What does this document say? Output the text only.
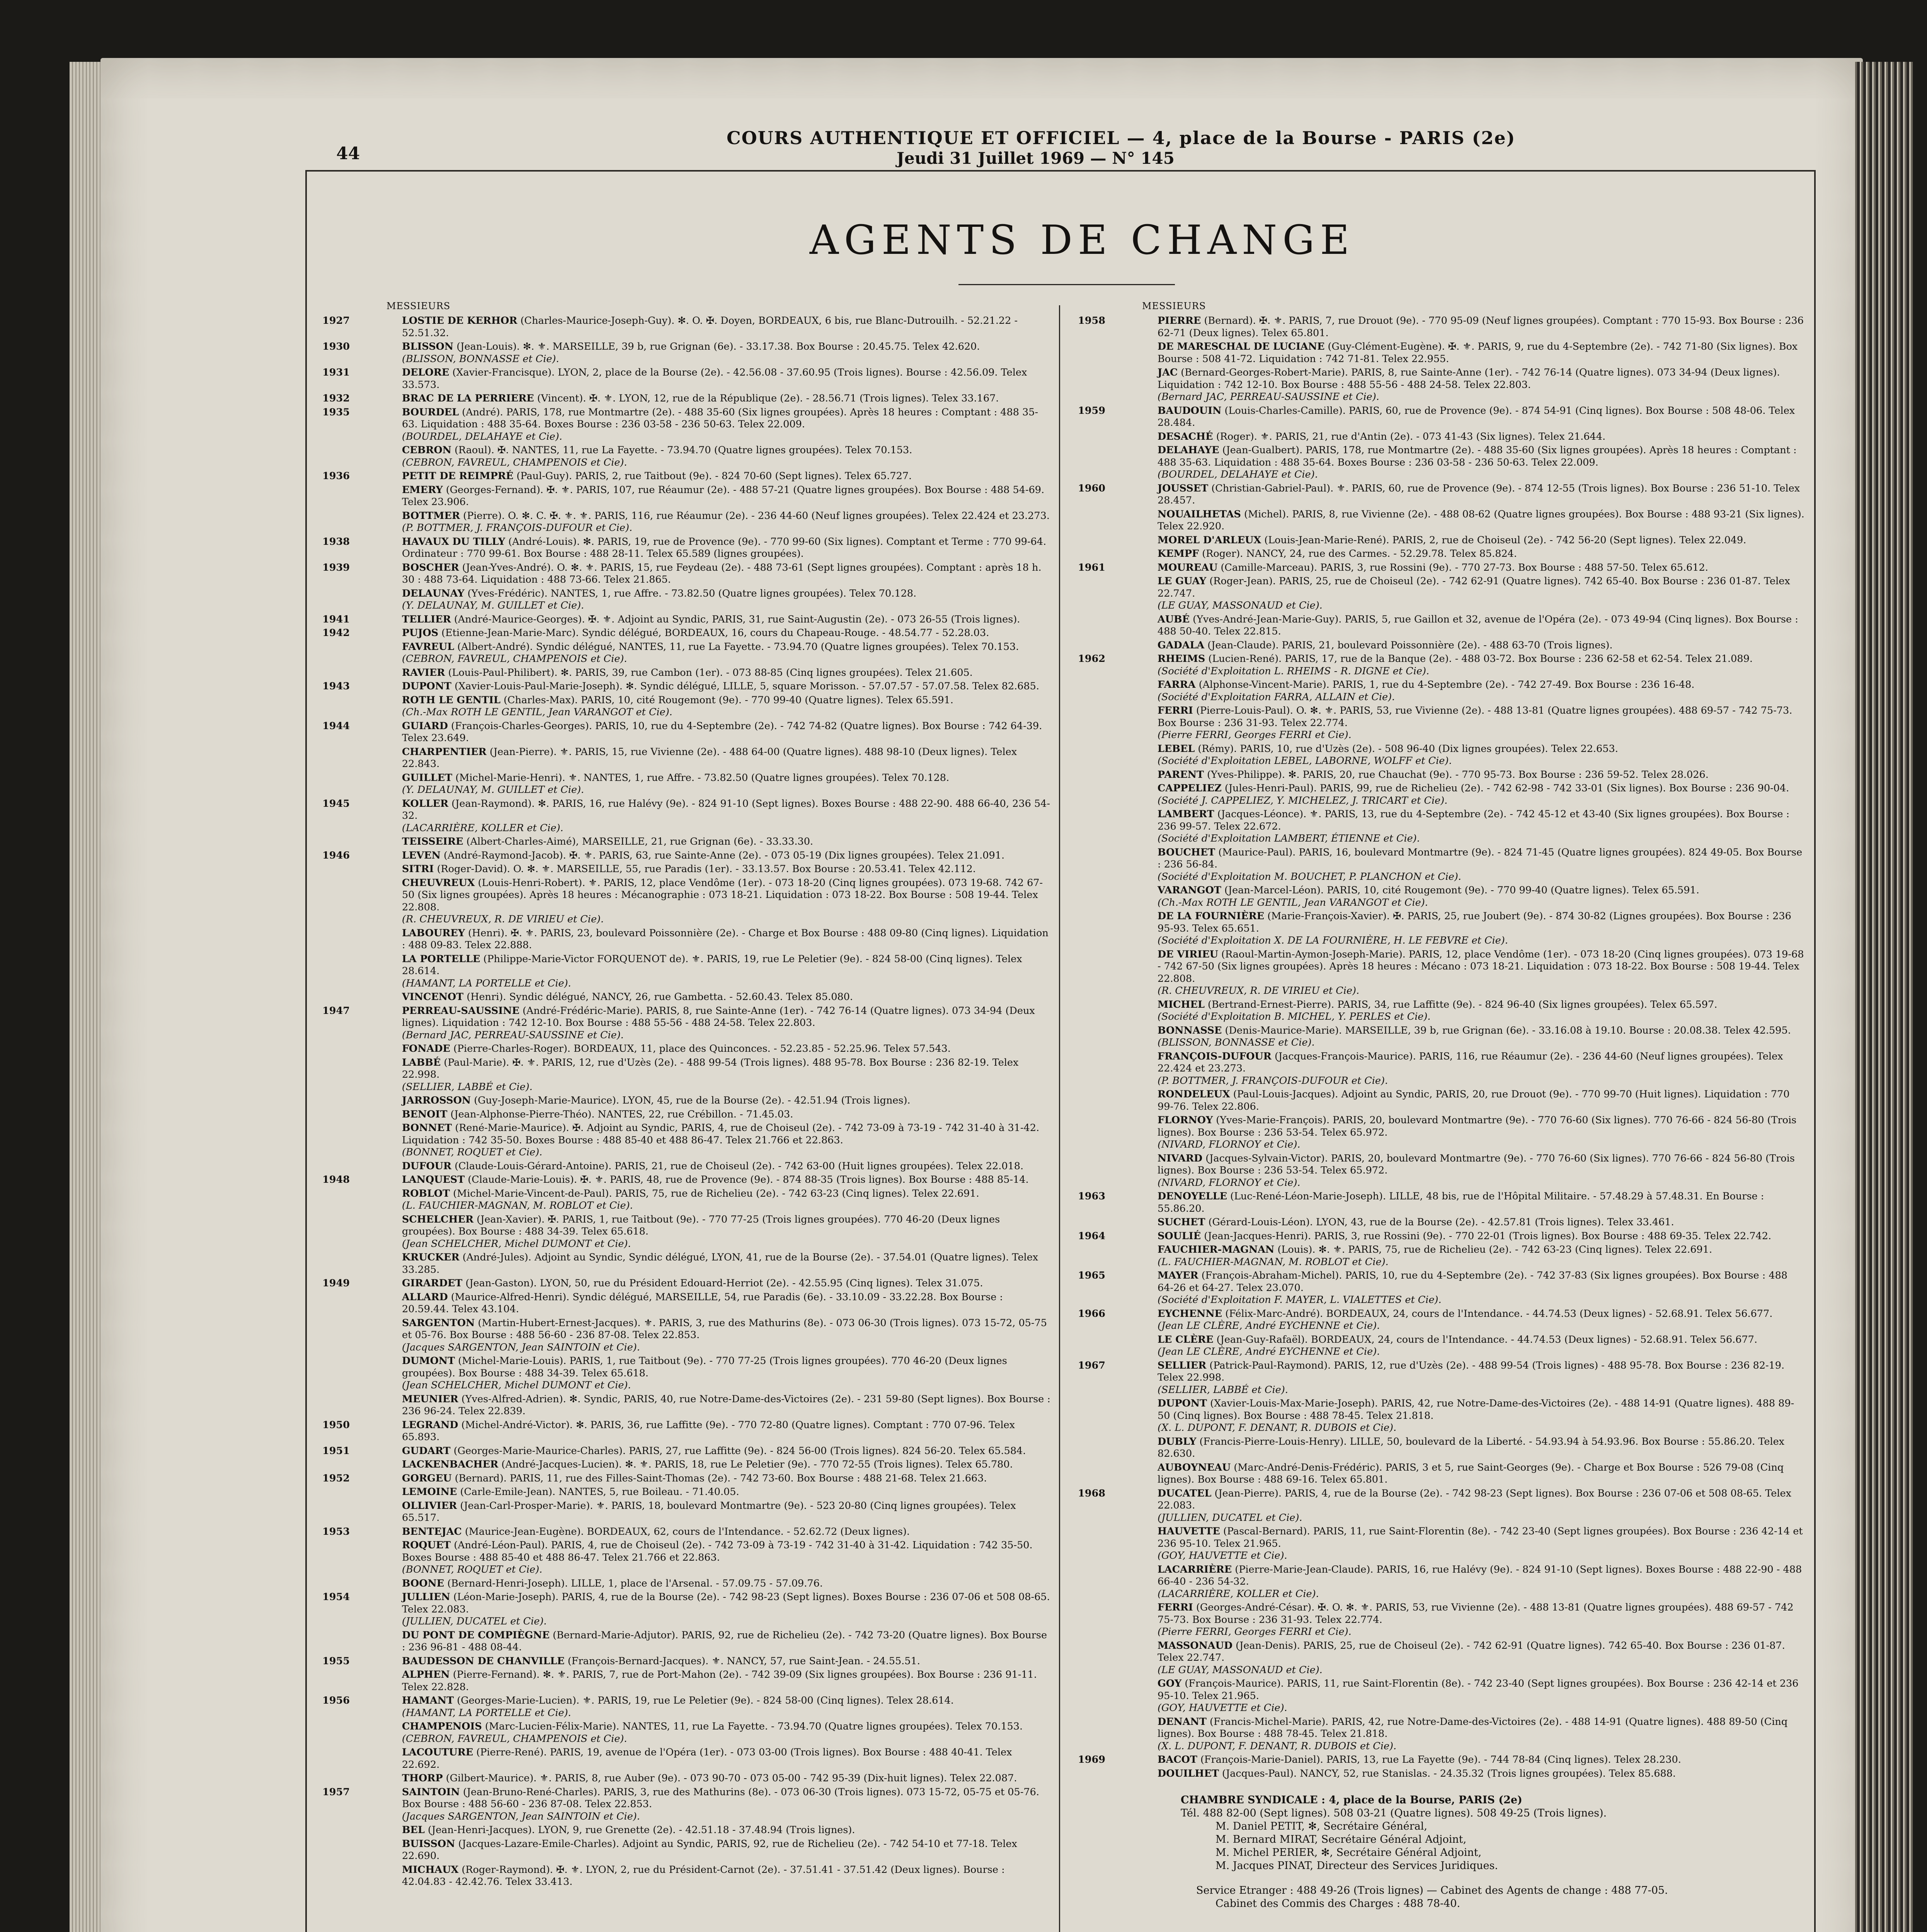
44
COURS AUTHENTIQUE ET OFFICIEL — 4, place de la Bourse - PARIS (2e)
Jeudi 31 Juillet 1969 — N° 145
AGENTS DE CHANGE
MESSIEURS
1927	LOSTIE DE KERHOR (Charles-Maurice-Joseph-Guy). ✻. O. ✠. Doyen, BORDEAUX, 6 bis, rue Blanc-Dutrouilh. - 52.21.22 - 52.51.32.
1930	BLISSON (Jean-Louis). ✻. ⚜. MARSEILLE, 39 b, rue Grignan (6e). - 33.17.38. Box Bourse : 20.45.75. Telex 42.620.
(BLISSON, BONNASSE et Cie).
1931	DELORE (Xavier-Francisque). LYON, 2, place de la Bourse (2e). - 42.56.08 - 37.60.95 (Trois lignes). Bourse : 42.56.09. Telex 33.573.
1932	BRAC DE LA PERRIERE (Vincent). ✠. ⚜. LYON, 12, rue de la République (2e). - 28.56.71 (Trois lignes). Telex 33.167.
1935	BOURDEL (André). PARIS, 178, rue Montmartre (2e). - 488 35-60 (Six lignes groupées). Après 18 heures : Comptant : 488 35-63. Liquidation : 488 35-64. Boxes Bourse : 236 03-58 - 236 50-63. Telex 22.009.
(BOURDEL, DELAHAYE et Cie).
CEBRON (Raoul). ✠. NANTES, 11, rue La Fayette. - 73.94.70 (Quatre lignes groupées). Telex 70.153.
(CEBRON, FAVREUL, CHAMPENOIS et Cie).
1936	PETIT DE REIMPRÉ (Paul-Guy). PARIS, 2, rue Taitbout (9e). - 824 70-60 (Sept lignes). Telex 65.727.
EMERY (Georges-Fernand). ✠. ⚜. PARIS, 107, rue Réaumur (2e). - 488 57-21 (Quatre lignes groupées). Box Bourse : 488 54-69. Telex 23.906.
BOTTMER (Pierre). O. ✻. C. ✠. ⚜. ⚜. PARIS, 116, rue Réaumur (2e). - 236 44-60 (Neuf lignes groupées). Telex 22.424 et 23.273.
(P. BOTTMER, J. FRANÇOIS-DUFOUR et Cie).
1938	HAVAUX DU TILLY (André-Louis). ✻. PARIS, 19, rue de Provence (9e). - 770 99-60 (Six lignes). Comptant et Terme : 770 99-64. Ordinateur : 770 99-61. Box Bourse : 488 28-11. Telex 65.589 (lignes groupées).
1939	BOSCHER (Jean-Yves-André). O. ✻. ⚜. PARIS, 15, rue Feydeau (2e). - 488 73-61 (Sept lignes groupées). Comptant : après 18 h. 30 : 488 73-64. Liquidation : 488 73-66. Telex 21.865.
DELAUNAY (Yves-Frédéric). NANTES, 1, rue Affre. - 73.82.50 (Quatre lignes groupées). Telex 70.128.
(Y. DELAUNAY, M. GUILLET et Cie).
1941	TELLIER (André-Maurice-Georges). ✠. ⚜. Adjoint au Syndic, PARIS, 31, rue Saint-Augustin (2e). - 073 26-55 (Trois lignes).
1942	PUJOS (Etienne-Jean-Marie-Marc). Syndic délégué, BORDEAUX, 16, cours du Chapeau-Rouge. - 48.54.77 - 52.28.03.
FAVREUL (Albert-André). Syndic délégué, NANTES, 11, rue La Fayette. - 73.94.70 (Quatre lignes groupées). Telex 70.153.
(CEBRON, FAVREUL, CHAMPENOIS et Cie).
RAVIER (Louis-Paul-Philibert). ✻. PARIS, 39, rue Cambon (1er). - 073 88-85 (Cinq lignes groupées). Telex 21.605.
1943	DUPONT (Xavier-Louis-Paul-Marie-Joseph). ✻. Syndic délégué, LILLE, 5, square Morisson. - 57.07.57 - 57.07.58. Telex 82.685.
ROTH LE GENTIL (Charles-Max). PARIS, 10, cité Rougemont (9e). - 770 99-40 (Quatre lignes). Telex 65.591.
(Ch.-Max ROTH LE GENTIL, Jean VARANGOT et Cie).
1944	GUIARD (François-Charles-Georges). PARIS, 10, rue du 4-Septembre (2e). - 742 74-82 (Quatre lignes). Box Bourse : 742 64-39. Telex 23.649.
CHARPENTIER (Jean-Pierre). ⚜. PARIS, 15, rue Vivienne (2e). - 488 64-00 (Quatre lignes). 488 98-10 (Deux lignes). Telex 22.843.
GUILLET (Michel-Marie-Henri). ⚜. NANTES, 1, rue Affre. - 73.82.50 (Quatre lignes groupées). Telex 70.128.
(Y. DELAUNAY, M. GUILLET et Cie).
1945	KOLLER (Jean-Raymond). ✻. PARIS, 16, rue Halévy (9e). - 824 91-10 (Sept lignes). Boxes Bourse : 488 22-90. 488 66-40, 236 54-32.
(LACARRIÈRE, KOLLER et Cie).
TEISSEIRE (Albert-Charles-Aimé), MARSEILLE, 21, rue Grignan (6e). - 33.33.30.
1946	LEVEN (André-Raymond-Jacob). ✠. ⚜. PARIS, 63, rue Sainte-Anne (2e). - 073 05-19 (Dix lignes groupées). Telex 21.091.
SITRI (Roger-David). O. ✻. ⚜. MARSEILLE, 55, rue Paradis (1er). - 33.13.57. Box Bourse : 20.53.41. Telex 42.112.
CHEUVREUX (Louis-Henri-Robert). ⚜. PARIS, 12, place Vendôme (1er). - 073 18-20 (Cinq lignes groupées). 073 19-68. 742 67-50 (Six lignes groupées). Après 18 heures : Mécanographie : 073 18-21. Liquidation : 073 18-22. Box Bourse : 508 19-44. Telex 22.808.
(R. CHEUVREUX, R. DE VIRIEU et Cie).
LABOUREY (Henri). ✠. ⚜. PARIS, 23, boulevard Poissonnière (2e). - Charge et Box Bourse : 488 09-80 (Cinq lignes). Liquidation : 488 09-83. Telex 22.888.
LA PORTELLE (Philippe-Marie-Victor FORQUENOT de). ⚜. PARIS, 19, rue Le Peletier (9e). - 824 58-00 (Cinq lignes). Telex 28.614.
(HAMANT, LA PORTELLE et Cie).
VINCENOT (Henri). Syndic délégué, NANCY, 26, rue Gambetta. - 52.60.43. Telex 85.080.
1947	PERREAU-SAUSSINE (André-Frédéric-Marie). PARIS, 8, rue Sainte-Anne (1er). - 742 76-14 (Quatre lignes). 073 34-94 (Deux lignes). Liquidation : 742 12-10. Box Bourse : 488 55-56 - 488 24-58. Telex 22.803.
(Bernard JAC, PERREAU-SAUSSINE et Cie).
FONADE (Pierre-Charles-Roger). BORDEAUX, 11, place des Quinconces. - 52.23.85 - 52.25.96. Telex 57.543.
LABBÉ (Paul-Marie). ✠. ⚜. PARIS, 12, rue d'Uzès (2e). - 488 99-54 (Trois lignes). 488 95-78. Box Bourse : 236 82-19. Telex 22.998.
(SELLIER, LABBÉ et Cie).
JARROSSON (Guy-Joseph-Marie-Maurice). LYON, 45, rue de la Bourse (2e). - 42.51.94 (Trois lignes).
BENOIT (Jean-Alphonse-Pierre-Théo). NANTES, 22, rue Crébillon. - 71.45.03.
BONNET (René-Marie-Maurice). ✠. Adjoint au Syndic, PARIS, 4, rue de Choiseul (2e). - 742 73-09 à 73-19 - 742 31-40 à 31-42. Liquidation : 742 35-50. Boxes Bourse : 488 85-40 et 488 86-47. Telex 21.766 et 22.863.
(BONNET, ROQUET et Cie).
DUFOUR (Claude-Louis-Gérard-Antoine). PARIS, 21, rue de Choiseul (2e). - 742 63-00 (Huit lignes groupées). Telex 22.018.
1948	LANQUEST (Claude-Marie-Louis). ✠. ⚜. PARIS, 48, rue de Provence (9e). - 874 88-35 (Trois lignes). Box Bourse : 488 85-14.
ROBLOT (Michel-Marie-Vincent-de-Paul). PARIS, 75, rue de Richelieu (2e). - 742 63-23 (Cinq lignes). Telex 22.691.
(L. FAUCHIER-MAGNAN, M. ROBLOT et Cie).
SCHELCHER (Jean-Xavier). ✠. PARIS, 1, rue Taitbout (9e). - 770 77-25 (Trois lignes groupées). 770 46-20 (Deux lignes groupées). Box Bourse : 488 34-39. Telex 65.618.
(Jean SCHELCHER, Michel DUMONT et Cie).
KRUCKER (André-Jules). Adjoint au Syndic, Syndic délégué, LYON, 41, rue de la Bourse (2e). - 37.54.01 (Quatre lignes). Telex 33.285.
1949	GIRARDET (Jean-Gaston). LYON, 50, rue du Président Edouard-Herriot (2e). - 42.55.95 (Cinq lignes). Telex 31.075.
ALLARD (Maurice-Alfred-Henri). Syndic délégué, MARSEILLE, 54, rue Paradis (6e). - 33.10.09 - 33.22.28. Box Bourse : 20.59.44. Telex 43.104.
SARGENTON (Martin-Hubert-Ernest-Jacques). ⚜. PARIS, 3, rue des Mathurins (8e). - 073 06-30 (Trois lignes). 073 15-72, 05-75 et 05-76. Box Bourse : 488 56-60 - 236 87-08. Telex 22.853.
(Jacques SARGENTON, Jean SAINTOIN et Cie).
DUMONT (Michel-Marie-Louis). PARIS, 1, rue Taitbout (9e). - 770 77-25 (Trois lignes groupées). 770 46-20 (Deux lignes groupées). Box Bourse : 488 34-39. Telex 65.618.
(Jean SCHELCHER, Michel DUMONT et Cie).
MEUNIER (Yves-Alfred-Adrien). ✻. Syndic, PARIS, 40, rue Notre-Dame-des-Victoires (2e). - 231 59-80 (Sept lignes). Box Bourse : 236 96-24. Telex 22.839.
1950	LEGRAND (Michel-André-Victor). ✻. PARIS, 36, rue Laffitte (9e). - 770 72-80 (Quatre lignes). Comptant : 770 07-96. Telex 65.893.
1951	GUDART (Georges-Marie-Maurice-Charles). PARIS, 27, rue Laffitte (9e). - 824 56-00 (Trois lignes). 824 56-20. Telex 65.584.
LACKENBACHER (André-Jacques-Lucien). ✻. ⚜. PARIS, 18, rue Le Peletier (9e). - 770 72-55 (Trois lignes). Telex 65.780.
1952	GORGEU (Bernard). PARIS, 11, rue des Filles-Saint-Thomas (2e). - 742 73-60. Box Bourse : 488 21-68. Telex 21.663.
LEMOINE (Carle-Emile-Jean). NANTES, 5, rue Boileau. - 71.40.05.
OLLIVIER (Jean-Carl-Prosper-Marie). ⚜. PARIS, 18, boulevard Montmartre (9e). - 523 20-80 (Cinq lignes groupées). Telex 65.517.
1953	BENTEJAC (Maurice-Jean-Eugène). BORDEAUX, 62, cours de l'Intendance. - 52.62.72 (Deux lignes).
ROQUET (André-Léon-Paul). PARIS, 4, rue de Choiseul (2e). - 742 73-09 à 73-19 - 742 31-40 à 31-42. Liquidation : 742 35-50. Boxes Bourse : 488 85-40 et 488 86-47. Telex 21.766 et 22.863.
(BONNET, ROQUET et Cie).
BOONE (Bernard-Henri-Joseph). LILLE, 1, place de l'Arsenal. - 57.09.75 - 57.09.76.
1954	JULLIEN (Léon-Marie-Joseph). PARIS, 4, rue de la Bourse (2e). - 742 98-23 (Sept lignes). Boxes Bourse : 236 07-06 et 508 08-65. Telex 22.083.
(JULLIEN, DUCATEL et Cie).
DU PONT DE COMPIÈGNE (Bernard-Marie-Adjutor). PARIS, 92, rue de Richelieu (2e). - 742 73-20 (Quatre lignes). Box Bourse : 236 96-81 - 488 08-44.
1955	BAUDESSON DE CHANVILLE (François-Bernard-Jacques). ⚜. NANCY, 57, rue Saint-Jean. - 24.55.51.
ALPHEN (Pierre-Fernand). ✻. ⚜. PARIS, 7, rue de Port-Mahon (2e). - 742 39-09 (Six lignes groupées). Box Bourse : 236 91-11. Telex 22.828.
1956	HAMANT (Georges-Marie-Lucien). ⚜. PARIS, 19, rue Le Peletier (9e). - 824 58-00 (Cinq lignes). Telex 28.614.
(HAMANT, LA PORTELLE et Cie).
CHAMPENOIS (Marc-Lucien-Félix-Marie). NANTES, 11, rue La Fayette. - 73.94.70 (Quatre lignes groupées). Telex 70.153.
(CEBRON, FAVREUL, CHAMPENOIS et Cie).
LACOUTURE (Pierre-René). PARIS, 19, avenue de l'Opéra (1er). - 073 03-00 (Trois lignes). Box Bourse : 488 40-41. Telex 22.692.
THORP (Gilbert-Maurice). ⚜. PARIS, 8, rue Auber (9e). - 073 90-70 - 073 05-00 - 742 95-39 (Dix-huit lignes). Telex 22.087.
1957	SAINTOIN (Jean-Bruno-René-Charles). PARIS, 3, rue des Mathurins (8e). - 073 06-30 (Trois lignes). 073 15-72, 05-75 et 05-76. Box Bourse : 488 56-60 - 236 87-08. Telex 22.853.
(Jacques SARGENTON, Jean SAINTOIN et Cie).
BEL (Jean-Henri-Jacques). LYON, 9, rue Grenette (2e). - 42.51.18 - 37.48.94 (Trois lignes).
BUISSON (Jacques-Lazare-Emile-Charles). Adjoint au Syndic, PARIS, 92, rue de Richelieu (2e). - 742 54-10 et 77-18. Telex 22.690.
MICHAUX (Roger-Raymond). ✠. ⚜. LYON, 2, rue du Président-Carnot (2e). - 37.51.41 - 37.51.42 (Deux lignes). Bourse : 42.04.83 - 42.42.76. Telex 33.413.
MESSIEURS
1958	PIERRE (Bernard). ✠. ⚜. PARIS, 7, rue Drouot (9e). - 770 95-09 (Neuf lignes groupées). Comptant : 770 15-93. Box Bourse : 236 62-71 (Deux lignes). Telex 65.801.
DE MARESCHAL DE LUCIANE (Guy-Clément-Eugène). ✠. ⚜. PARIS, 9, rue du 4-Septembre (2e). - 742 71-80 (Six lignes). Box Bourse : 508 41-72. Liquidation : 742 71-81. Telex 22.955.
JAC (Bernard-Georges-Robert-Marie). PARIS, 8, rue Sainte-Anne (1er). - 742 76-14 (Quatre lignes). 073 34-94 (Deux lignes). Liquidation : 742 12-10. Box Bourse : 488 55-56 - 488 24-58. Telex 22.803.
(Bernard JAC, PERREAU-SAUSSINE et Cie).
1959	BAUDOUIN (Louis-Charles-Camille). PARIS, 60, rue de Provence (9e). - 874 54-91 (Cinq lignes). Box Bourse : 508 48-06. Telex 28.484.
DESACHÉ (Roger). ⚜. PARIS, 21, rue d'Antin (2e). - 073 41-43 (Six lignes). Telex 21.644.
DELAHAYE (Jean-Gualbert). PARIS, 178, rue Montmartre (2e). - 488 35-60 (Six lignes groupées). Après 18 heures : Comptant : 488 35-63. Liquidation : 488 35-64. Boxes Bourse : 236 03-58 - 236 50-63. Telex 22.009.
(BOURDEL, DELAHAYE et Cie).
1960	JOUSSET (Christian-Gabriel-Paul). ⚜. PARIS, 60, rue de Provence (9e). - 874 12-55 (Trois lignes). Box Bourse : 236 51-10. Telex 28.457.
NOUAILHETAS (Michel). PARIS, 8, rue Vivienne (2e). - 488 08-62 (Quatre lignes groupées). Box Bourse : 488 93-21 (Six lignes). Telex 22.920.
MOREL D'ARLEUX (Louis-Jean-Marie-René). PARIS, 2, rue de Choiseul (2e). - 742 56-20 (Sept lignes). Telex 22.049.
KEMPF (Roger). NANCY, 24, rue des Carmes. - 52.29.78. Telex 85.824.
1961	MOUREAU (Camille-Marceau). PARIS, 3, rue Rossini (9e). - 770 27-73. Box Bourse : 488 57-50. Telex 65.612.
LE GUAY (Roger-Jean). PARIS, 25, rue de Choiseul (2e). - 742 62-91 (Quatre lignes). 742 65-40. Box Bourse : 236 01-87. Telex 22.747.
(LE GUAY, MASSONAUD et Cie).
AUBÉ (Yves-André-Jean-Marie-Guy). PARIS, 5, rue Gaillon et 32, avenue de l'Opéra (2e). - 073 49-94 (Cinq lignes). Box Bourse : 488 50-40. Telex 22.815.
GADALA (Jean-Claude). PARIS, 21, boulevard Poissonnière (2e). - 488 63-70 (Trois lignes).
1962	RHEIMS (Lucien-René). PARIS, 17, rue de la Banque (2e). - 488 03-72. Box Bourse : 236 62-58 et 62-54. Telex 21.089.
(Société d'Exploitation L. RHEIMS - R. DIGNE et Cie).
FARRA (Alphonse-Vincent-Marie). PARIS, 1, rue du 4-Septembre (2e). - 742 27-49. Box Bourse : 236 16-48.
(Société d'Exploitation FARRA, ALLAIN et Cie).
FERRI (Pierre-Louis-Paul). O. ✻. ⚜. PARIS, 53, rue Vivienne (2e). - 488 13-81 (Quatre lignes groupées). 488 69-57 - 742 75-73. Box Bourse : 236 31-93. Telex 22.774.
(Pierre FERRI, Georges FERRI et Cie).
LEBEL (Rémy). PARIS, 10, rue d'Uzès (2e). - 508 96-40 (Dix lignes groupées). Telex 22.653.
(Société d'Exploitation LEBEL, LABORNE, WOLFF et Cie).
PARENT (Yves-Philippe). ✻. PARIS, 20, rue Chauchat (9e). - 770 95-73. Box Bourse : 236 59-52. Telex 28.026.
CAPPELIEZ (Jules-Henri-Paul). PARIS, 99, rue de Richelieu (2e). - 742 62-98 - 742 33-01 (Six lignes). Box Bourse : 236 90-04.
(Société J. CAPPELIEZ, Y. MICHELEZ, J. TRICART et Cie).
LAMBERT (Jacques-Léonce). ⚜. PARIS, 13, rue du 4-Septembre (2e). - 742 45-12 et 43-40 (Six lignes groupées). Box Bourse : 236 99-57. Telex 22.672.
(Société d'Exploitation LAMBERT, ÉTIENNE et Cie).
BOUCHET (Maurice-Paul). PARIS, 16, boulevard Montmartre (9e). - 824 71-45 (Quatre lignes groupées). 824 49-05. Box Bourse : 236 56-84.
(Société d'Exploitation M. BOUCHET, P. PLANCHON et Cie).
VARANGOT (Jean-Marcel-Léon). PARIS, 10, cité Rougemont (9e). - 770 99-40 (Quatre lignes). Telex 65.591.
(Ch.-Max ROTH LE GENTIL, Jean VARANGOT et Cie).
DE LA FOURNIÈRE (Marie-François-Xavier). ✠. PARIS, 25, rue Joubert (9e). - 874 30-82 (Lignes groupées). Box Bourse : 236 95-93. Telex 65.651.
(Société d'Exploitation X. DE LA FOURNIÈRE, H. LE FEBVRE et Cie).
DE VIRIEU (Raoul-Martin-Aymon-Joseph-Marie). PARIS, 12, place Vendôme (1er). - 073 18-20 (Cinq lignes groupées). 073 19-68 - 742 67-50 (Six lignes groupées). Après 18 heures : Mécano : 073 18-21. Liquidation : 073 18-22. Box Bourse : 508 19-44. Telex 22.808.
(R. CHEUVREUX, R. DE VIRIEU et Cie).
MICHEL (Bertrand-Ernest-Pierre). PARIS, 34, rue Laffitte (9e). - 824 96-40 (Six lignes groupées). Telex 65.597.
(Société d'Exploitation B. MICHEL, Y. PERLES et Cie).
BONNASSE (Denis-Maurice-Marie). MARSEILLE, 39 b, rue Grignan (6e). - 33.16.08 à 19.10. Bourse : 20.08.38. Telex 42.595.
(BLISSON, BONNASSE et Cie).
FRANÇOIS-DUFOUR (Jacques-François-Maurice). PARIS, 116, rue Réaumur (2e). - 236 44-60 (Neuf lignes groupées). Telex 22.424 et 23.273.
(P. BOTTMER, J. FRANÇOIS-DUFOUR et Cie).
RONDELEUX (Paul-Louis-Jacques). Adjoint au Syndic, PARIS, 20, rue Drouot (9e). - 770 99-70 (Huit lignes). Liquidation : 770 99-76. Telex 22.806.
FLORNOY (Yves-Marie-François). PARIS, 20, boulevard Montmartre (9e). - 770 76-60 (Six lignes). 770 76-66 - 824 56-80 (Trois lignes). Box Bourse : 236 53-54. Telex 65.972.
(NIVARD, FLORNOY et Cie).
NIVARD (Jacques-Sylvain-Victor). PARIS, 20, boulevard Montmartre (9e). - 770 76-60 (Six lignes). 770 76-66 - 824 56-80 (Trois lignes). Box Bourse : 236 53-54. Telex 65.972.
(NIVARD, FLORNOY et Cie).
1963	DENOYELLE (Luc-René-Léon-Marie-Joseph). LILLE, 48 bis, rue de l'Hôpital Militaire. - 57.48.29 à 57.48.31. En Bourse : 55.86.20.
SUCHET (Gérard-Louis-Léon). LYON, 43, rue de la Bourse (2e). - 42.57.81 (Trois lignes). Telex 33.461.
1964	SOULIÉ (Jean-Jacques-Henri). PARIS, 3, rue Rossini (9e). - 770 22-01 (Trois lignes). Box Bourse : 488 69-35. Telex 22.742.
FAUCHIER-MAGNAN (Louis). ✻. ⚜. PARIS, 75, rue de Richelieu (2e). - 742 63-23 (Cinq lignes). Telex 22.691.
(L. FAUCHIER-MAGNAN, M. ROBLOT et Cie).
1965	MAYER (François-Abraham-Michel). PARIS, 10, rue du 4-Septembre (2e). - 742 37-83 (Six lignes groupées). Box Bourse : 488 64-26 et 64-27. Telex 23.070.
(Société d'Exploitation F. MAYER, L. VIALETTES et Cie).
1966	EYCHENNE (Félix-Marc-André). BORDEAUX, 24, cours de l'Intendance. - 44.74.53 (Deux lignes) - 52.68.91. Telex 56.677.
(Jean LE CLÈRE, André EYCHENNE et Cie).
LE CLÈRE (Jean-Guy-Rafaël). BORDEAUX, 24, cours de l'Intendance. - 44.74.53 (Deux lignes) - 52.68.91. Telex 56.677.
(Jean LE CLÈRE, André EYCHENNE et Cie).
1967	SELLIER (Patrick-Paul-Raymond). PARIS, 12, rue d'Uzès (2e). - 488 99-54 (Trois lignes) - 488 95-78. Box Bourse : 236 82-19. Telex 22.998.
(SELLIER, LABBÉ et Cie).
DUPONT (Xavier-Louis-Max-Marie-Joseph). PARIS, 42, rue Notre-Dame-des-Victoires (2e). - 488 14-91 (Quatre lignes). 488 89-50 (Cinq lignes). Box Bourse : 488 78-45. Telex 21.818.
(X. L. DUPONT, F. DENANT, R. DUBOIS et Cie).
DUBLY (Francis-Pierre-Louis-Henry). LILLE, 50, boulevard de la Liberté. - 54.93.94 à 54.93.96. Box Bourse : 55.86.20. Telex 82.630.
AUBOYNEAU (Marc-André-Denis-Frédéric). PARIS, 3 et 5, rue Saint-Georges (9e). - Charge et Box Bourse : 526 79-08 (Cinq lignes). Box Bourse : 488 69-16. Telex 65.801.
1968	DUCATEL (Jean-Pierre). PARIS, 4, rue de la Bourse (2e). - 742 98-23 (Sept lignes). Box Bourse : 236 07-06 et 508 08-65. Telex 22.083.
(JULLIEN, DUCATEL et Cie).
HAUVETTE (Pascal-Bernard). PARIS, 11, rue Saint-Florentin (8e). - 742 23-40 (Sept lignes groupées). Box Bourse : 236 42-14 et 236 95-10. Telex 21.965.
(GOY, HAUVETTE et Cie).
LACARRIÈRE (Pierre-Marie-Jean-Claude). PARIS, 16, rue Halévy (9e). - 824 91-10 (Sept lignes). Boxes Bourse : 488 22-90 - 488 66-40 - 236 54-32.
(LACARRIÈRE, KOLLER et Cie).
FERRI (Georges-André-César). ✠. O. ✻. ⚜. PARIS, 53, rue Vivienne (2e). - 488 13-81 (Quatre lignes groupées). 488 69-57 - 742 75-73. Box Bourse : 236 31-93. Telex 22.774.
(Pierre FERRI, Georges FERRI et Cie).
MASSONAUD (Jean-Denis). PARIS, 25, rue de Choiseul (2e). - 742 62-91 (Quatre lignes). 742 65-40. Box Bourse : 236 01-87. Telex 22.747.
(LE GUAY, MASSONAUD et Cie).
GOY (François-Maurice). PARIS, 11, rue Saint-Florentin (8e). - 742 23-40 (Sept lignes groupées). Box Bourse : 236 42-14 et 236 95-10. Telex 21.965.
(GOY, HAUVETTE et Cie).
DENANT (Francis-Michel-Marie). PARIS, 42, rue Notre-Dame-des-Victoires (2e). - 488 14-91 (Quatre lignes). 488 89-50 (Cinq lignes). Box Bourse : 488 78-45. Telex 21.818.
(X. L. DUPONT, F. DENANT, R. DUBOIS et Cie).
1969	BACOT (François-Marie-Daniel). PARIS, 13, rue La Fayette (9e). - 744 78-84 (Cinq lignes). Telex 28.230.
DOUILHET (Jacques-Paul). NANCY, 52, rue Stanislas. - 24.35.32 (Trois lignes groupées). Telex 85.688.
CHAMBRE SYNDICALE : 4, place de la Bourse, PARIS (2e)
Tél. 488 82-00 (Sept lignes). 508 03-21 (Quatre lignes). 508 49-25 (Trois lignes).
M. Daniel PETIT, ✻, Secrétaire Général,
M. Bernard MIRAT, Secrétaire Général Adjoint,
M. Michel PERIER, ✻, Secrétaire Général Adjoint,
M. Jacques PINAT, Directeur des Services Juridiques.
Service Etranger : 488 49-26 (Trois lignes) — Cabinet des Agents de change : 488 77-05.
Cabinet des Commis des Charges : 488 78-40.
